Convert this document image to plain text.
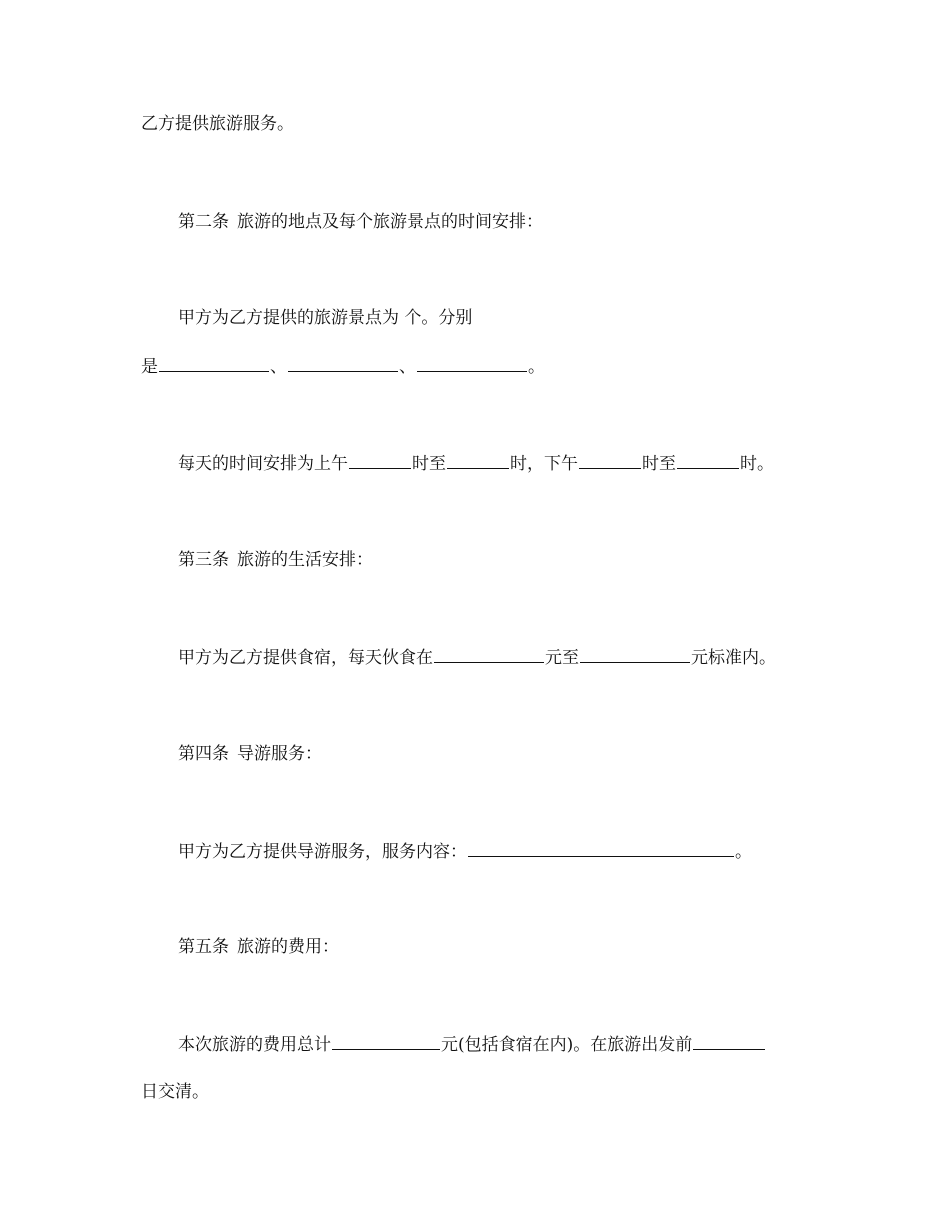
乙方提供旅游服务。
第二条 旅游的地点及每个旅游景点的时间安排：
甲方为乙方提供的旅游景点为 个。分别
是	、	、	。
每天的时间安排为上午	时至	时，下午	时至	时。
第三条 旅游的生活安排：
甲方为乙方提供食宿，每天伙食在	元至	元标准内。
第四条 导游服务：
甲方为乙方提供导游服务，服务内容：	。
第五条 旅游的费用：
本次旅游的费用总计	元(包括食宿在内)。在旅游出发前
日交清。
